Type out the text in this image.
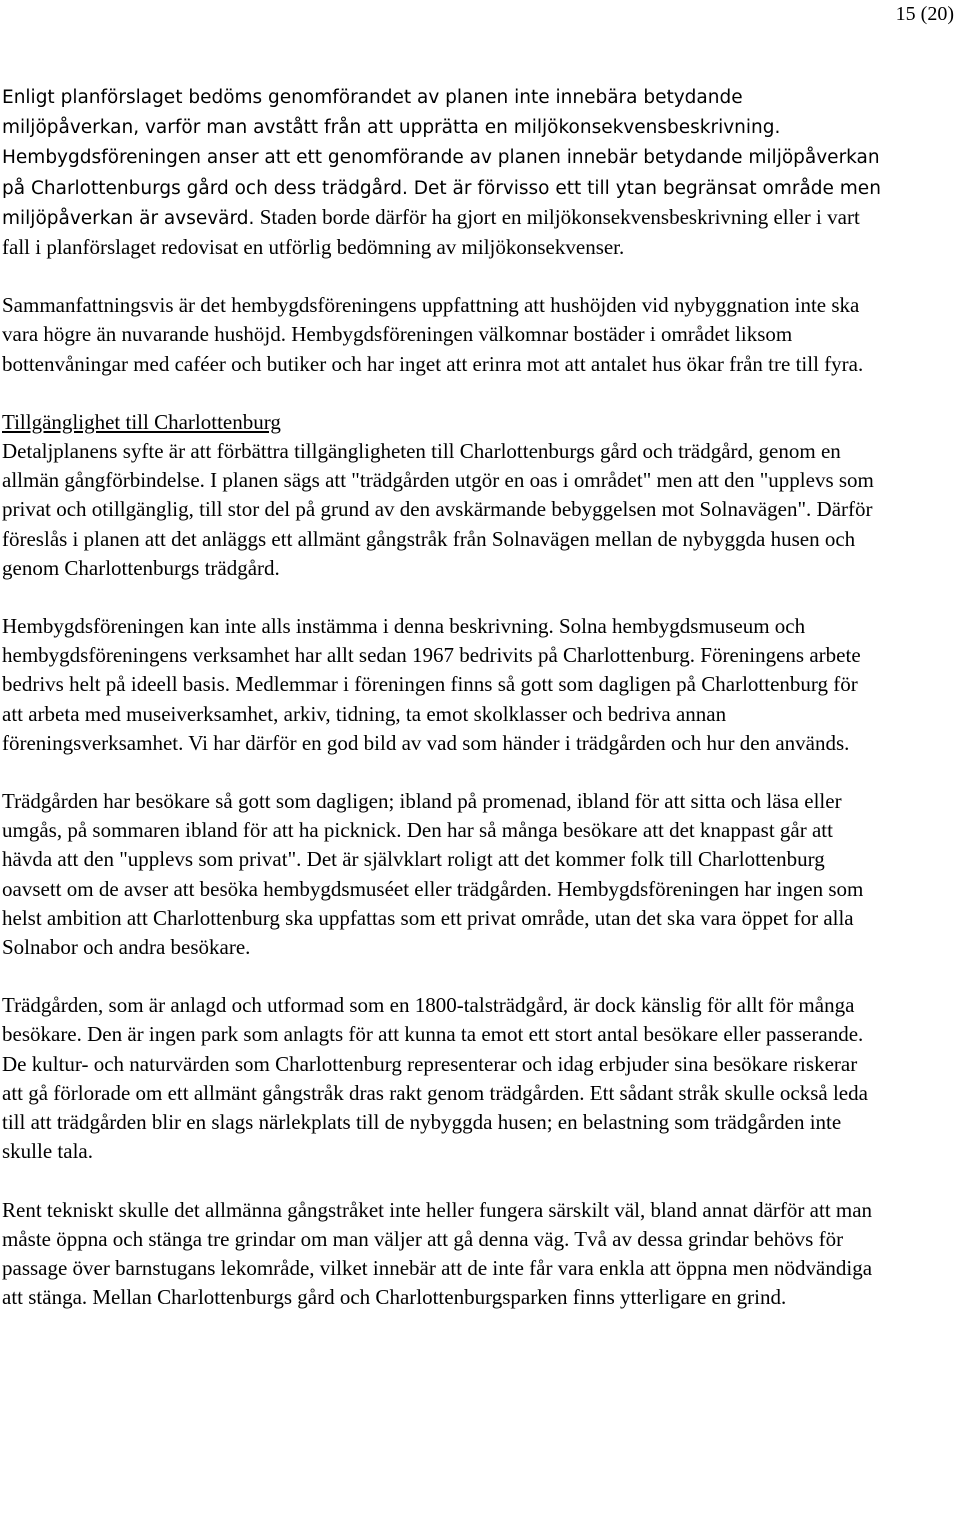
15 (20)

Enligt planförslaget bedöms genomförandet av planen inte innebära betydande miljöpåverkan, varför man avstått från att upprätta en miljökonsekvensbeskrivning. Hembygdsföreningen anser att ett genomförande av planen innebär betydande miljöpåverkan på Charlottenburgs gård och dess trädgård. Det är förvisso ett till ytan begränsat område men miljöpåverkan är avsevärd. Staden borde därför ha gjort en miljökonsekvensbeskrivning eller i vart fall i planförslaget redovisat en utförlig bedömning av miljökonsekvenser.

Sammanfattningsvis är det hembygdsföreningens uppfattning att hushöjden vid nybyggnation inte ska vara högre än nuvarande hushöjd. Hembygdsföreningen välkomnar bostäder i området liksom bottenvåningar med caféer och butiker och har inget att erinra mot att antalet hus ökar från tre till fyra.

Tillgänglighet till Charlottenburg
Detaljplanens syfte är att förbättra tillgängligheten till Charlottenburgs gård och trädgård, genom en allmän gångförbindelse. I planen sägs att "trädgården utgör en oas i området" men att den "upplevs som privat och otillgänglig, till stor del på grund av den avskärmande bebyggelsen mot Solnavägen". Därför föreslås i planen att det anläggs ett allmänt gångstråk från Solnavägen mellan de nybyggda husen och genom Charlottenburgs trädgård.

Hembygdsföreningen kan inte alls instämma i denna beskrivning. Solna hembygdsmuseum och hembygdsföreningens verksamhet har allt sedan 1967 bedrivits på Charlottenburg. Föreningens arbete bedrivs helt på ideell basis. Medlemmar i föreningen finns så gott som dagligen på Charlottenburg för att arbeta med museiverksamhet, arkiv, tidning, ta emot skolklasser och bedriva annan föreningsverksamhet. Vi har därför en god bild av vad som händer i trädgården och hur den används.

Trädgården har besökare så gott som dagligen; ibland på promenad, ibland för att sitta och läsa eller umgås, på sommaren ibland för att ha picknick. Den har så många besökare att det knappast går att hävda att den "upplevs som privat". Det är självklart roligt att det kommer folk till Charlottenburg oavsett om de avser att besöka hembygdsmuséet eller trädgården. Hembygdsföreningen har ingen som helst ambition att Charlottenburg ska uppfattas som ett privat område, utan det ska vara öppet for alla Solnabor och andra besökare.

Trädgården, som är anlagd och utformad som en 1800-talsträdgård, är dock känslig för allt för många besökare. Den är ingen park som anlagts för att kunna ta emot ett stort antal besökare eller passerande. De kultur- och naturvärden som Charlottenburg representerar och idag erbjuder sina besökare riskerar att gå förlorade om ett allmänt gångstråk dras rakt genom trädgården. Ett sådant stråk skulle också leda till att trädgården blir en slags närlekplats till de nybyggda husen; en belastning som trädgården inte skulle tala.

Rent tekniskt skulle det allmänna gångstråket inte heller fungera särskilt väl, bland annat därför att man måste öppna och stänga tre grindar om man väljer att gå denna väg. Två av dessa grindar behövs för passage över barnstugans lekområde, vilket innebär att de inte får vara enkla att öppna men nödvändiga att stänga. Mellan Charlottenburgs gård och Charlottenburgsparken finns ytterligare en grind.
